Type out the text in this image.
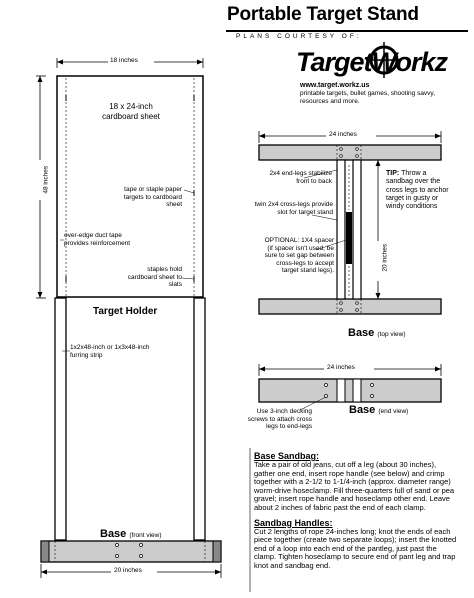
Portable Target Stand
PLANS COURTESY OF:
TargetWorkz
www.target.workz.us
printable targets, bullet games, shooting savvy, resources and more.
18 inches
48 inches
18 x 24-inch cardboard sheet
tape or staple paper targets to cardboard sheet
over-edge duct tape provides reinforcement
staples hold cardboard sheet to slats
Target Holder
1x2x48-inch or 1x3x48-inch furring strip
Base (front view)
20 inches
24 inches
2x4 end-legs stabilize front to back
twin 2x4 cross-legs provide slot for target stand
OPTIONAL: 1X4 spacer (if spacer isn't used, be sure to set gap between cross-legs to accept target stand legs).
TIP: Throw a sandbag over the cross legs to anchor target in gusty or windy conditions
20 inches
Base (top view)
24 inches
Use 3-inch decking screws to attach cross legs to end-legs
Base (end view)
Base Sandbag:

Take a pair of old jeans, cut off a leg (about 30 inches), gather one end, insert rope handle (see below) and crimp together with a 2-1/2 to 1-1/4-inch (approx. diameter range) worm-drive hoseclamp. Fill three-quarters full of sand or pea gravel; insert rope handle and hoseclamp other end. Leave about 2 inches of fabric past the end of each clamp.

Sandbag Handles:

Cut 2 lengths of rope 24-inches long; knot the ends of each piece together (create two separate loops); insert the knotted end of a loop into each end of the pantleg, just past the clamp. Tighten hoseclamp to secure end of pant leg and trap knot and sandbag end.
